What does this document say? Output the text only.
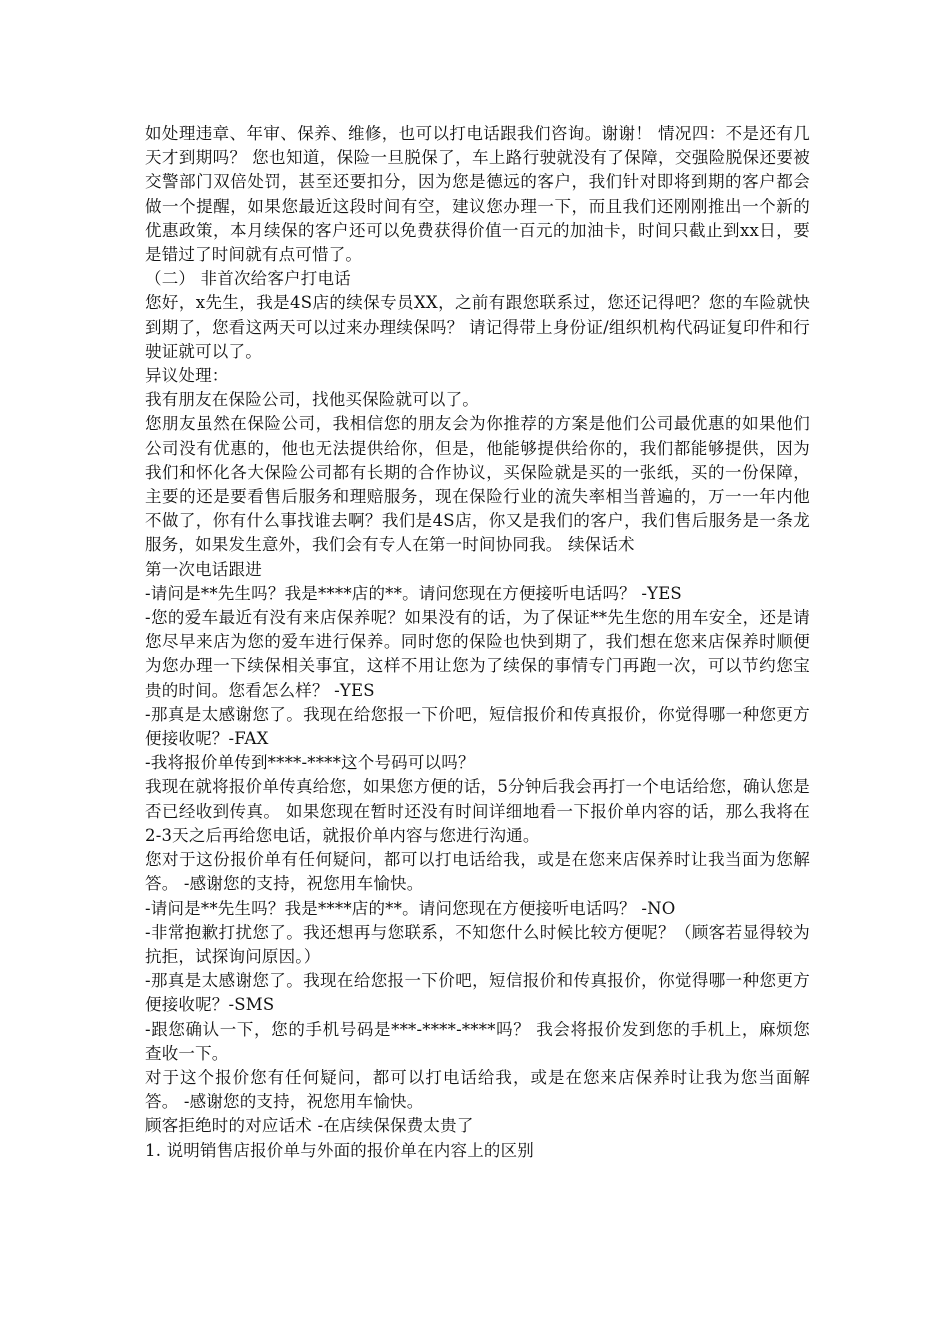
如处理违章、年审、保养、维修，也可以打电话跟我们咨询。谢谢！ 情况四：不是还有几天才到期吗？ 您也知道，保险一旦脱保了，车上路行驶就没有了保障，交强险脱保还要被交警部门双倍处罚，甚至还要扣分，因为您是德远的客户，我们针对即将到期的客户都会做一个提醒，如果您最近这段时间有空，建议您办理一下，而且我们还刚刚推出一个新的优惠政策，本月续保的客户还可以免费获得价值一百元的加油卡，时间只截止到xx日，要是错过了时间就有点可惜了。

（二） 非首次给客户打电话

您好，x先生，我是4S店的续保专员XX，之前有跟您联系过，您还记得吧？您的车险就快到期了，您看这两天可以过来办理续保吗？ 请记得带上身份证/组织机构代码证复印件和行驶证就可以了。

异议处理：

我有朋友在保险公司，找他买保险就可以了。

您朋友虽然在保险公司，我相信您的朋友会为你推荐的方案是他们公司最优惠的如果他们公司没有优惠的，他也无法提供给你，但是，他能够提供给你的，我们都能够提供，因为我们和怀化各大保险公司都有长期的合作协议，买保险就是买的一张纸，买的一份保障，主要的还是要看售后服务和理赔服务，现在保险行业的流失率相当普遍的，万一一年内他不做了，你有什么事找谁去啊？我们是4S店，你又是我们的客户，我们售后服务是一条龙服务，如果发生意外，我们会有专人在第一时间协同我。 续保话术

第一次电话跟进

-请问是**先生吗？我是****店的**。请问您现在方便接听电话吗？ -YES

-您的爱车最近有没有来店保养呢？如果没有的话，为了保证**先生您的用车安全，还是请您尽早来店为您的爱车进行保养。同时您的保险也快到期了，我们想在您来店保养时顺便为您办理一下续保相关事宜，这样不用让您为了续保的事情专门再跑一次，可以节约您宝贵的时间。您看怎么样？ -YES

-那真是太感谢您了。我现在给您报一下价吧，短信报价和传真报价，你觉得哪一种您更方便接收呢？-FAX

-我将报价单传到****-****这个号码可以吗？

我现在就将报价单传真给您，如果您方便的话，5分钟后我会再打一个电话给您，确认您是否已经收到传真。 如果您现在暂时还没有时间详细地看一下报价单内容的话，那么我将在2-3天之后再给您电话，就报价单内容与您进行沟通。

您对于这份报价单有任何疑问，都可以打电话给我，或是在您来店保养时让我当面为您解答。 -感谢您的支持，祝您用车愉快。

-请问是**先生吗？我是****店的**。请问您现在方便接听电话吗？ -NO

-非常抱歉打扰您了。我还想再与您联系，不知您什么时候比较方便呢？（顾客若显得较为抗拒，试探询问原因。）

-那真是太感谢您了。我现在给您报一下价吧，短信报价和传真报价，你觉得哪一种您更方便接收呢？-SMS

-跟您确认一下，您的手机号码是***-****-****吗？ 我会将报价发到您的手机上，麻烦您查收一下。

对于这个报价您有任何疑问，都可以打电话给我，或是在您来店保养时让我为您当面解答。 -感谢您的支持，祝您用车愉快。

顾客拒绝时的对应话术 -在店续保保费太贵了

1. 说明销售店报价单与外面的报价单在内容上的区别
